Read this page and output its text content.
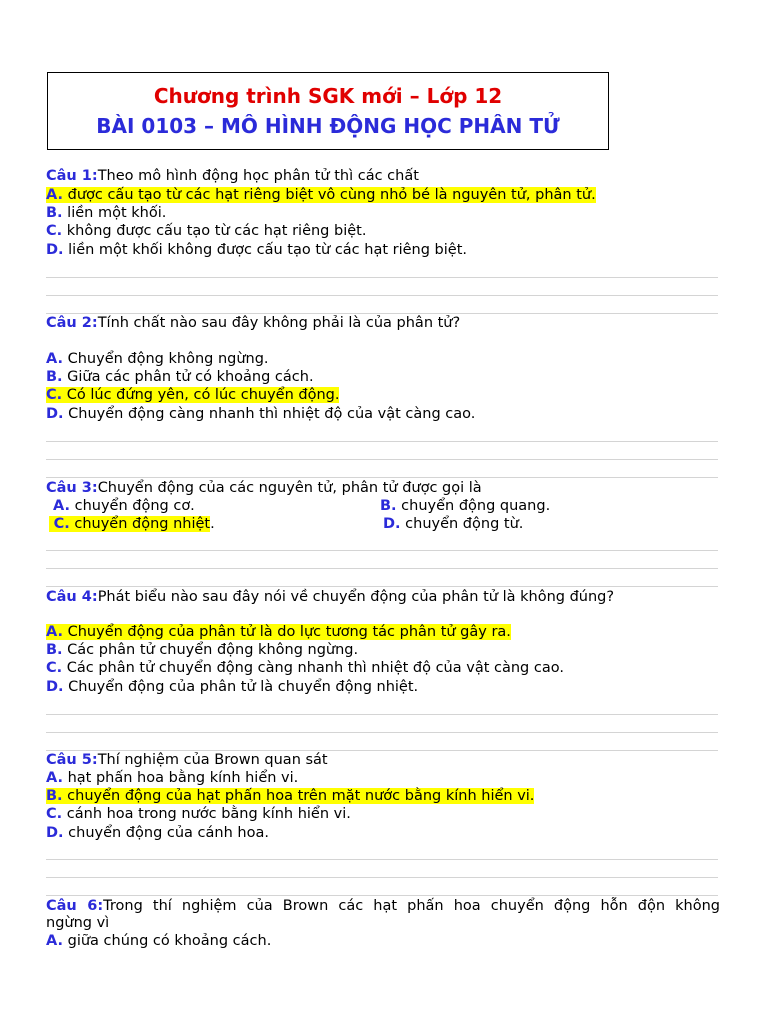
Chương trình SGK mới – Lớp 12
BÀI 0103 – MÔ HÌNH ĐỘNG HỌC PHÂN TỬ
Câu 1:Theo mô hình động học phân tử thì các chất
A. được cấu tạo từ các hạt riêng biệt vô cùng nhỏ bé là nguyên tử, phân tử.
B. liền một khối.
C. không được cấu tạo từ các hạt riêng biệt.
D. liền một khối không được cấu tạo từ các hạt riêng biệt.
Câu 2:Tính chất nào sau đây không phải là của phân tử?
A. Chuyển động không ngừng.
B. Giữa các phân tử có khoảng cách.
C. Có lúc đứng yên, có lúc chuyển động.
D. Chuyển động càng nhanh thì nhiệt độ của vật càng cao.
Câu 3:Chuyển động của các nguyên tử, phân tử được gọi là
A. chuyển động cơ.	B. chuyển động quang.
C. chuyển động nhiệt.	D. chuyển động từ.
Câu 4:Phát biểu nào sau đây nói về chuyển động của phân tử là không đúng?
A. Chuyển động của phân tử là do lực tương tác phân tử gây ra.
B. Các phân tử chuyển động không ngừng.
C. Các phân tử chuyển động càng nhanh thì nhiệt độ của vật càng cao.
D. Chuyển động của phân tử là chuyển động nhiệt.
Câu 5:Thí nghiệm của Brown quan sát
A. hạt phấn hoa bằng kính hiển vi.
B. chuyển động của hạt phấn hoa trên mặt nước bằng kính hiển vi.
C. cánh hoa trong nước bằng kính hiển vi.
D. chuyển động của cánh hoa.
Câu 6:Trong thí nghiệm của Brown các hạt phấn hoa chuyển động hỗn độn không
ngừng vì
A. giữa chúng có khoảng cách.
